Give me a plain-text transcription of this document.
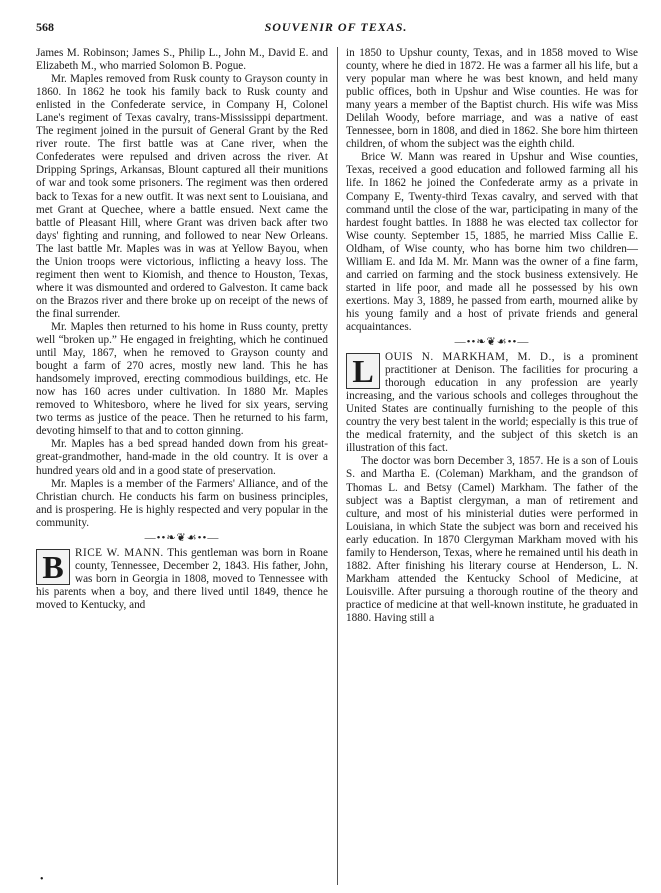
568	SOUVENIR OF TEXAS.

James M. Robinson; James S., Philip L., John M., David E. and Elizabeth M., who married Solomon B. Pogue.

Mr. Maples removed from Rusk county to Grayson county in 1860. In 1862 he took his family back to Rusk county and enlisted in the Confederate service, in Company H, Colonel Lane's regiment of Texas cavalry, trans-Mississippi department. The regiment joined in the pursuit of General Grant by the Red river route. The first battle was at Cane river, when the Confederates were repulsed and driven across the river. At Dripping Springs, Arkansas, Blount captured all their munitions of war and took some prisoners. The regiment was then ordered back to Texas for a new outfit. It was next sent to Louisiana, and met Grant at Quechee, where a battle ensued. Next came the battle of Pleasant Hill, where Grant was driven back after two days' fighting and running, and followed to near New Orleans. The last battle Mr. Maples was in was at Yellow Bayou, when the Union troops were victorious, inflicting a heavy loss. The regiment then went to Kiomish, and thence to Houston, Texas, where it was dismounted and ordered to Galveston. It came back on the Brazos river and there broke up on receipt of the news of the final surrender.

Mr. Maples then returned to his home in Russ county, pretty well “broken up.” He engaged in freighting, which he continued until May, 1867, when he removed to Grayson county and bought a farm of 270 acres, mostly new land. This he has handsomely improved, erecting commodious buildings, etc. He now has 160 acres under cultivation. In 1880 Mr. Maples removed to Whitesboro, where he lived for six years, serving two terms as justice of the peace. Then he returned to his farm, devoting himself to that and to cotton ginning.

Mr. Maples has a bed spread handed down from his great-great-grandmother, hand-made in the old country. It is over a hundred years old and in a good state of preservation.

Mr. Maples is a member of the Farmers' Alliance, and of the Christian church. He conducts his farm on business principles, and is prospering. He is highly respected and very popular in the community.

—••❧❦☙••—

B	RICE W. MANN. This gentleman was born in Roane county, Tennessee, December 2, 1843. His father, John, was born in Georgia in 1808, moved to Tennessee with his parents when a boy, and there lived until 1849, thence he moved to Kentucky, and

in 1850 to Upshur county, Texas, and in 1858 moved to Wise county, where he died in 1872. He was a farmer all his life, but a very popular man where he was best known, and held many public offices, both in Upshur and Wise counties. He was for many years a member of the Baptist church. His wife was Miss Delilah Woody, before marriage, and was a native of east Tennessee, born in 1808, and died in 1862. She bore him thirteen children, of whom the subject was the eighth child.

Brice W. Mann was reared in Upshur and Wise counties, Texas, received a good education and followed farming all his life. In 1862 he joined the Confederate army as a private in Company E, Twenty-third Texas cavalry, and served with that command until the close of the war, participating in many of the hardest fought battles. In 1888 he was elected tax collector for Wise county. September 15, 1885, he married Miss Callie E. Oldham, of Wise county, who has borne him two children—William E. and Ida M. Mr. Mann was the owner of a fine farm, and carried on farming and the stock business extensively. He started in life poor, and made all he possessed by his own exertions. May 3, 1889, he passed from earth, mourned alike by his young family and a host of private friends and general acquaintances.

—••❧❦☙••—

L	OUIS N. MARKHAM, M. D., is a prominent practitioner at Denison. The facilities for procuring a thorough education in any profession are yearly increasing, and the various schools and colleges throughout the United States are continually furnishing to the people of this country the very best talent in the world; especially is this true of the medical fraternity, and the subject of this sketch is an illustration of this fact.

The doctor was born December 3, 1857. He is a son of Louis S. and Martha E. (Coleman) Markham, and the grandson of Thomas L. and Betsy (Camel) Markham. The father of the subject was a Baptist clergyman, a man of retirement and culture, and most of his ministerial duties were performed in Louisiana, in which State the subject was born and received his early education. In 1870 Clergyman Markham moved with his family to Henderson, Texas, where he remained until his death in 1882. After finishing his literary course at Henderson, L. N. Markham attended the Kentucky School of Medicine, at Louisville. After pursuing a thorough routine of the theory and practice of medicine at that well-known institute, he graduated in 1880. Having still a

•
